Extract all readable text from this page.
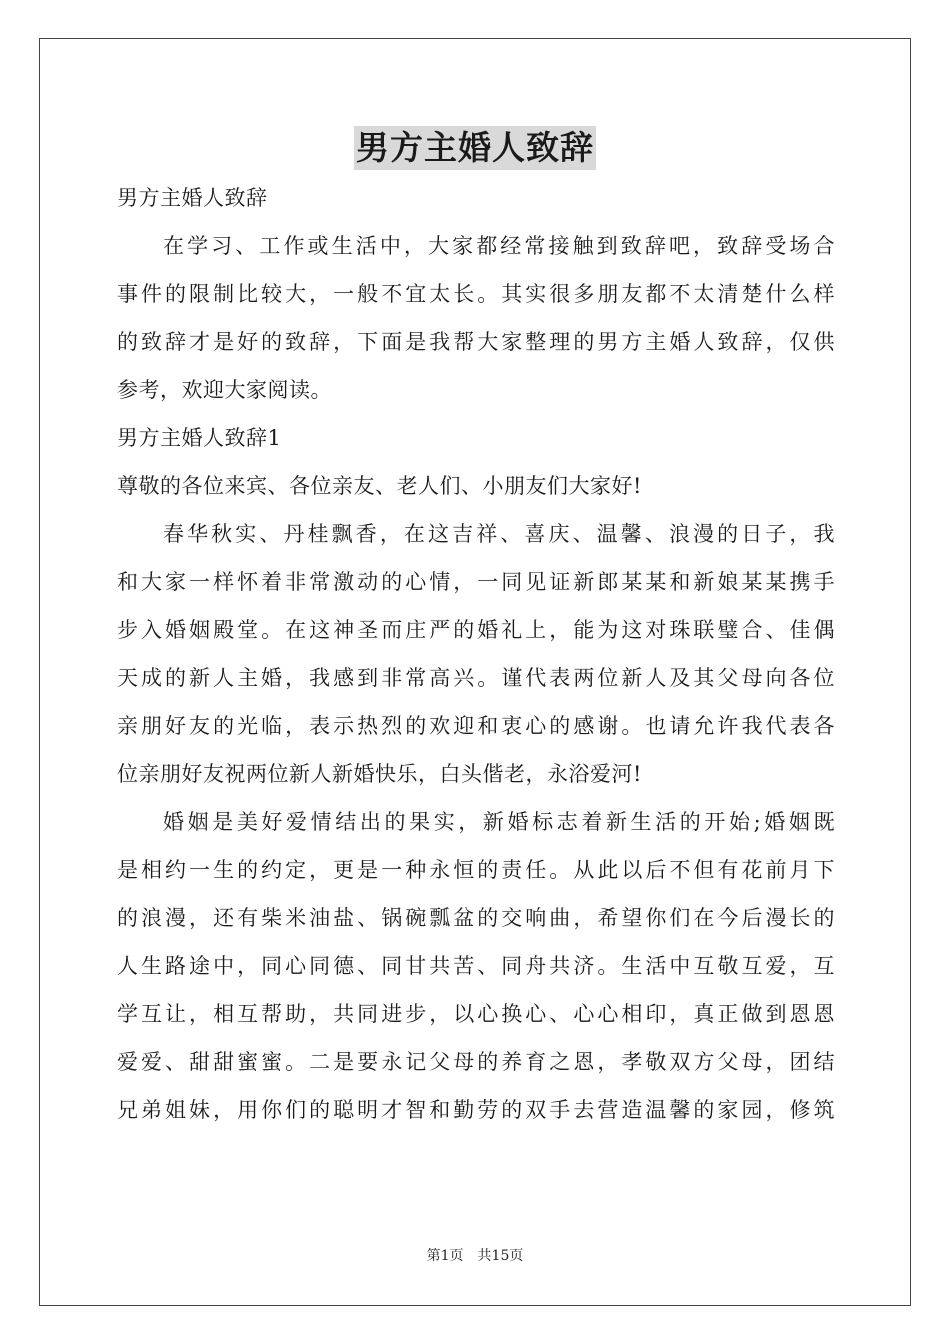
男方主婚人致辞
男方主婚人致辞
在学习、工作或生活中，大家都经常接触到致辞吧，致辞受场合
事件的限制比较大，一般不宜太长。其实很多朋友都不太清楚什么样
的致辞才是好的致辞，下面是我帮大家整理的男方主婚人致辞，仅供
参考，欢迎大家阅读。
男方主婚人致辞1
尊敬的各位来宾、各位亲友、老人们、小朋友们大家好!
春华秋实、丹桂飘香，在这吉祥、喜庆、温馨、浪漫的日子，我
和大家一样怀着非常激动的心情，一同见证新郎某某和新娘某某携手
步入婚姻殿堂。在这神圣而庄严的婚礼上，能为这对珠联璧合、佳偶
天成的新人主婚，我感到非常高兴。谨代表两位新人及其父母向各位
亲朋好友的光临，表示热烈的欢迎和衷心的感谢。也请允许我代表各
位亲朋好友祝两位新人新婚快乐，白头偕老，永浴爱河!
婚姻是美好爱情结出的果实，新婚标志着新生活的开始;婚姻既
是相约一生的约定，更是一种永恒的责任。从此以后不但有花前月下
的浪漫，还有柴米油盐、锅碗瓢盆的交响曲，希望你们在今后漫长的
人生路途中，同心同德、同甘共苦、同舟共济。生活中互敬互爱，互
学互让，相互帮助，共同进步，以心换心、心心相印，真正做到恩恩
爱爱、甜甜蜜蜜。二是要永记父母的养育之恩，孝敬双方父母，团结
兄弟姐妹，用你们的聪明才智和勤劳的双手去营造温馨的家园，修筑
第1页 共15页
